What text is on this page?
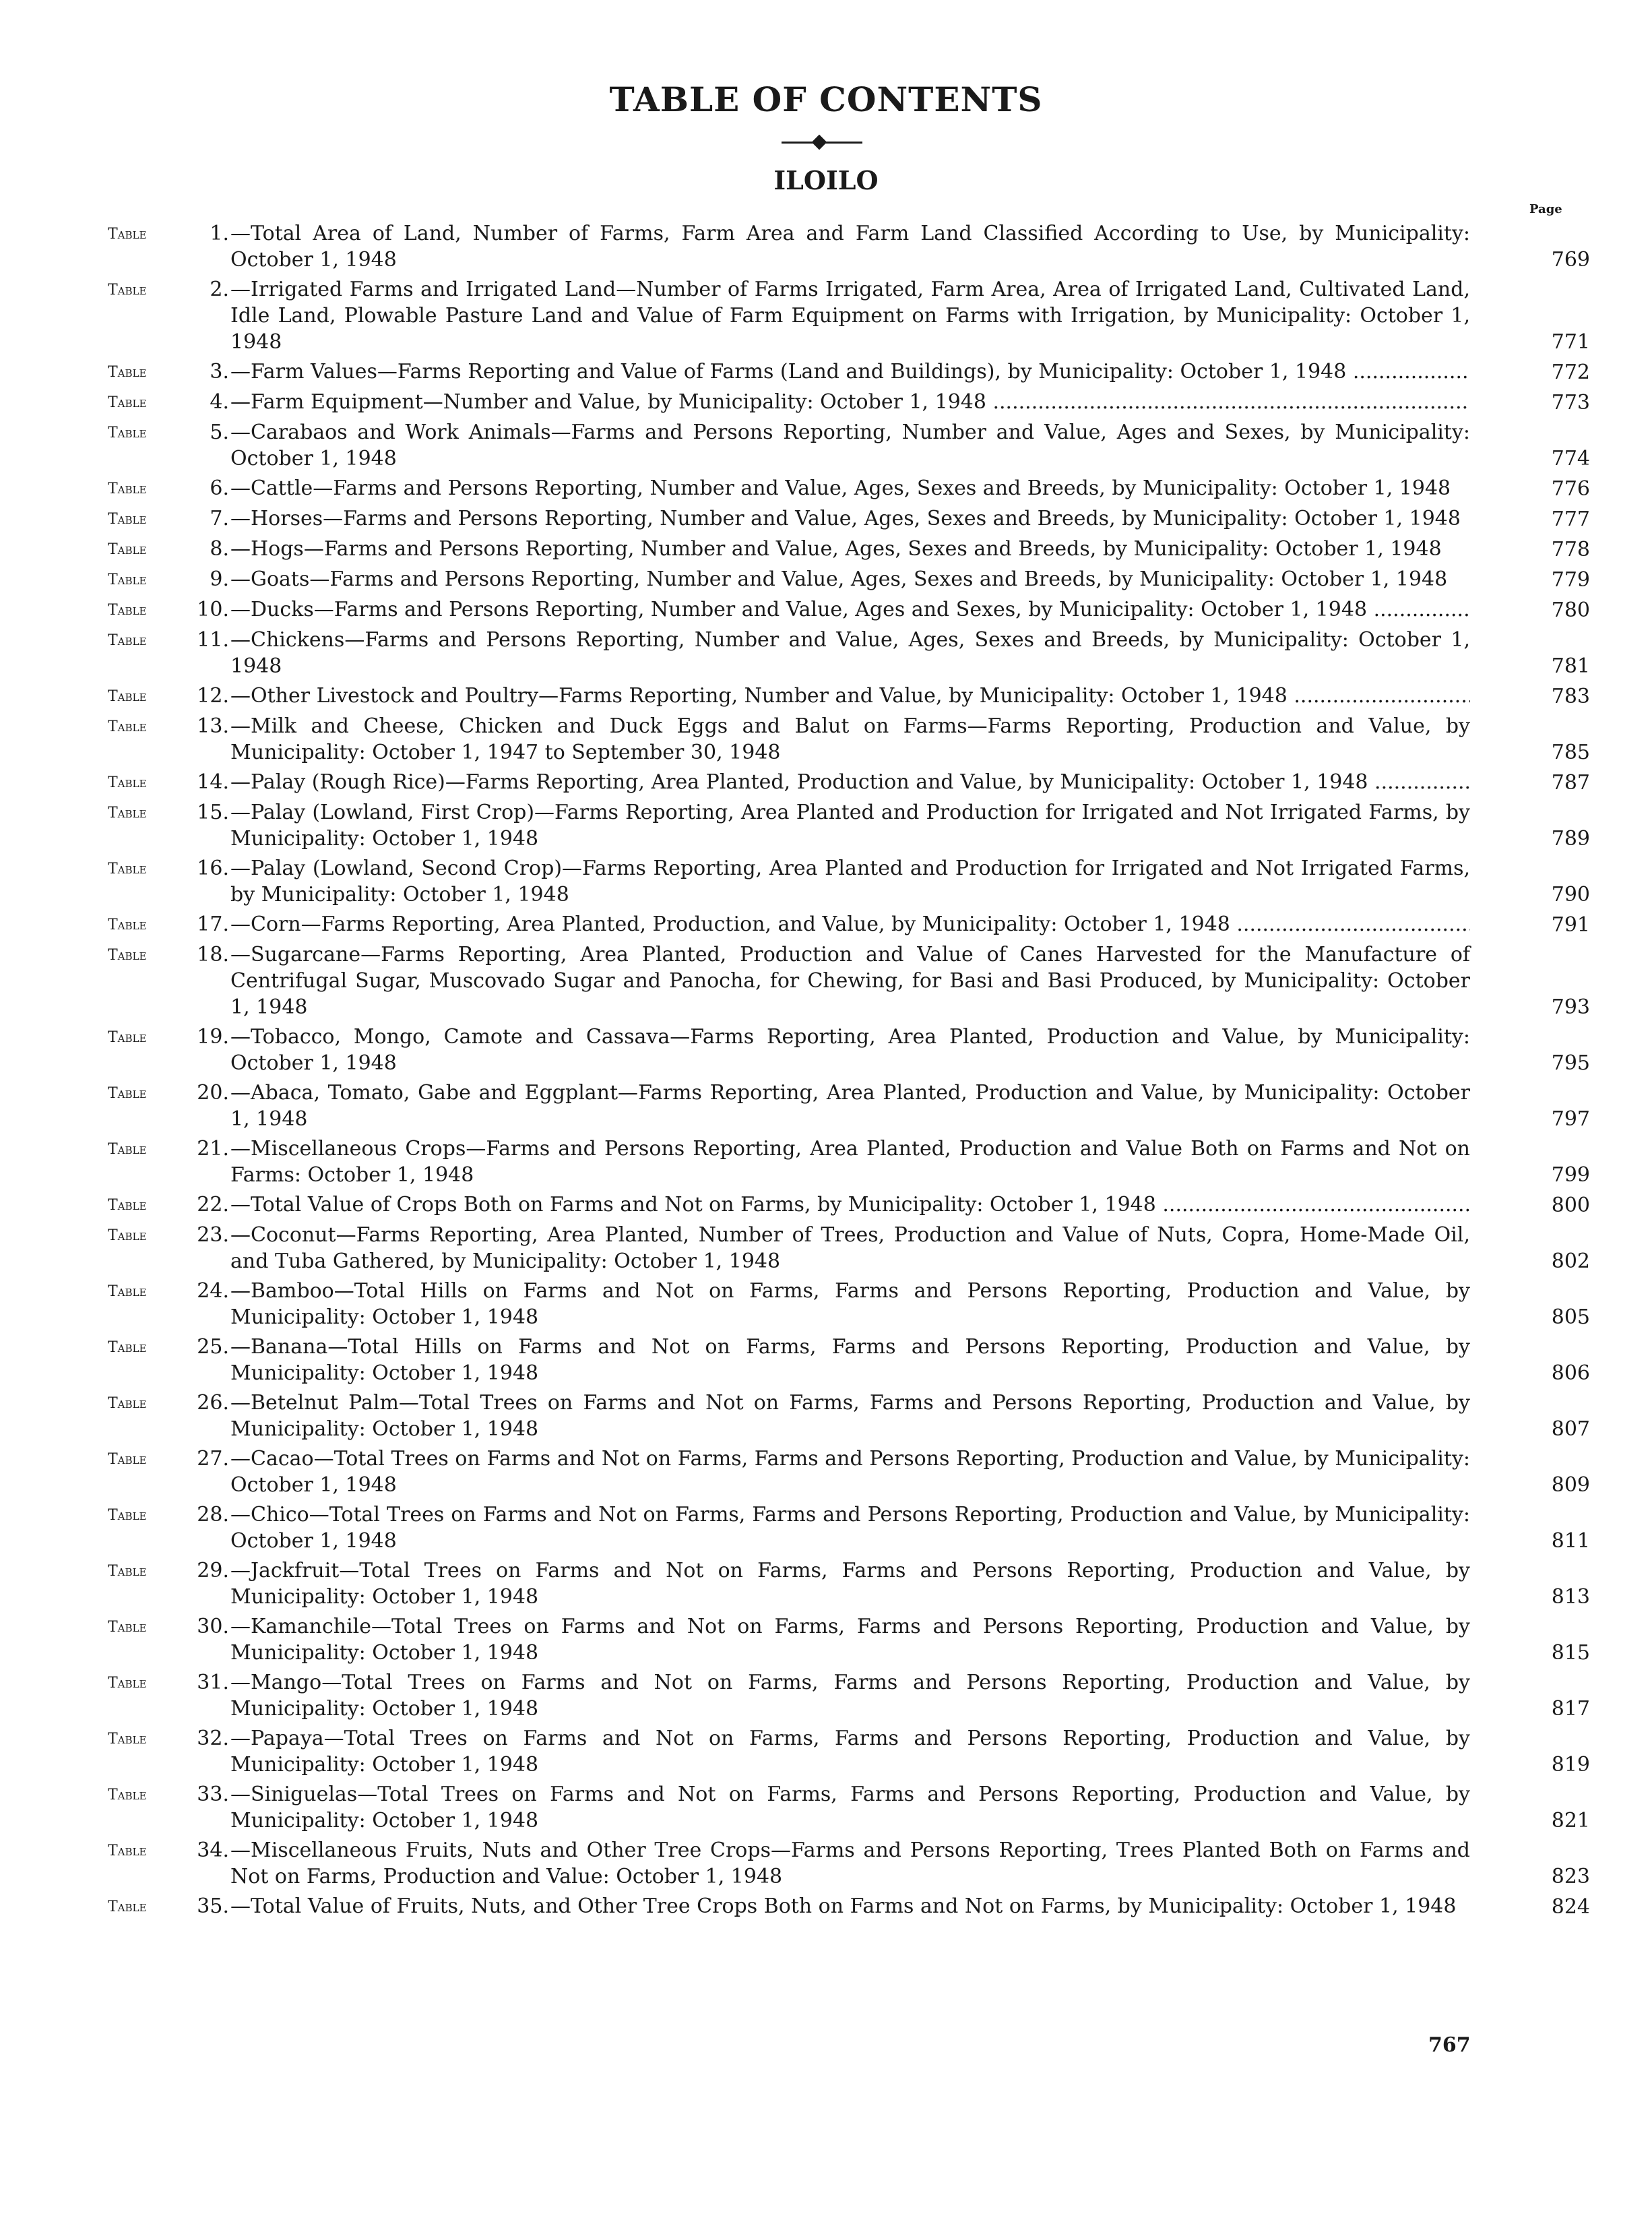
TABLE OF CONTENTS
ILOILO
Page
Table	1. —Total Area of Land, Number of Farms, Farm Area and Farm Land Classified According to Use, by Municipality: October 1, 1948	769
Table	2. —Irrigated Farms and Irrigated Land—Number of Farms Irrigated, Farm Area, Area of Irrigated Land, Cultivated Land, Idle Land, Plowable Pasture Land and Value of Farm Equipment on Farms with Irrigation, by Municipality: October 1, 1948	771
Table	3. —Farm Values—Farms Reporting and Value of Farms (Land and Buildings), by Municipality: October 1, 1948 .....	772
Table	4. —Farm Equipment—Number and Value, by Municipality: October 1, 1948 .....	773
Table	5. —Carabaos and Work Animals—Farms and Persons Reporting, Number and Value, Ages and Sexes, by Municipality: October 1, 1948	774
Table	6. —Cattle—Farms and Persons Reporting, Number and Value, Ages, Sexes and Breeds, by Municipality: October 1, 1948	776
Table	7. —Horses—Farms and Persons Reporting, Number and Value, Ages, Sexes and Breeds, by Municipality: October 1, 1948	777
Table	8. —Hogs—Farms and Persons Reporting, Number and Value, Ages, Sexes and Breeds, by Municipality: October 1, 1948	778
Table	9. —Goats—Farms and Persons Reporting, Number and Value, Ages, Sexes and Breeds, by Municipality: October 1, 1948	779
Table	10. —Ducks—Farms and Persons Reporting, Number and Value, Ages and Sexes, by Municipality: October 1, 1948 .....	780
Table	11. —Chickens—Farms and Persons Reporting, Number and Value, Ages, Sexes and Breeds, by Municipality: October 1, 1948	781
Table	12. —Other Livestock and Poultry—Farms Reporting, Number and Value, by Municipality: October 1, 1948 .....	783
Table	13. —Milk and Cheese, Chicken and Duck Eggs and Balut on Farms—Farms Reporting, Production and Value, by Municipality: October 1, 1947 to September 30, 1948	785
Table	14. —Palay (Rough Rice)—Farms Reporting, Area Planted, Production and Value, by Municipality: October 1, 1948 .....	787
Table	15. —Palay (Lowland, First Crop)—Farms Reporting, Area Planted and Production for Irrigated and Not Irrigated Farms, by Municipality: October 1, 1948	789
Table	16. —Palay (Lowland, Second Crop)—Farms Reporting, Area Planted and Production for Irrigated and Not Irrigated Farms, by Municipality: October 1, 1948	790
Table	17. —Corn—Farms Reporting, Area Planted, Production, and Value, by Municipality: October 1, 1948 .....	791
Table	18. —Sugarcane—Farms Reporting, Area Planted, Production and Value of Canes Harvested for the Manufacture of Centrifugal Sugar, Muscovado Sugar and Panocha, for Chewing, for Basi and Basi Produced, by Municipality: October 1, 1948	793
Table	19. —Tobacco, Mongo, Camote and Cassava—Farms Reporting, Area Planted, Production and Value, by Municipality: October 1, 1948	795
Table	20. —Abaca, Tomato, Gabe and Eggplant—Farms Reporting, Area Planted, Production and Value, by Municipality: October 1, 1948	797
Table	21. —Miscellaneous Crops—Farms and Persons Reporting, Area Planted, Production and Value Both on Farms and Not on Farms: October 1, 1948	799
Table	22. —Total Value of Crops Both on Farms and Not on Farms, by Municipality: October 1, 1948 .....	800
Table	23. —Coconut—Farms Reporting, Area Planted, Number of Trees, Production and Value of Nuts, Copra, Home-Made Oil, and Tuba Gathered, by Municipality: October 1, 1948	802
Table	24. —Bamboo—Total Hills on Farms and Not on Farms, Farms and Persons Reporting, Production and Value, by Municipality: October 1, 1948	805
Table	25. —Banana—Total Hills on Farms and Not on Farms, Farms and Persons Reporting, Production and Value, by Municipality: October 1, 1948	806
Table	26. —Betelnut Palm—Total Trees on Farms and Not on Farms, Farms and Persons Reporting, Production and Value, by Municipality: October 1, 1948	807
Table	27. —Cacao—Total Trees on Farms and Not on Farms, Farms and Persons Reporting, Production and Value, by Municipality: October 1, 1948	809
Table	28. —Chico—Total Trees on Farms and Not on Farms, Farms and Persons Reporting, Production and Value, by Municipality: October 1, 1948	811
Table	29. —Jackfruit—Total Trees on Farms and Not on Farms, Farms and Persons Reporting, Production and Value, by Municipality: October 1, 1948	813
Table	30. —Kamanchile—Total Trees on Farms and Not on Farms, Farms and Persons Reporting, Production and Value, by Municipality: October 1, 1948	815
Table	31. —Mango—Total Trees on Farms and Not on Farms, Farms and Persons Reporting, Production and Value, by Municipality: October 1, 1948	817
Table	32. —Papaya—Total Trees on Farms and Not on Farms, Farms and Persons Reporting, Production and Value, by Municipality: October 1, 1948	819
Table	33. —Siniguelas—Total Trees on Farms and Not on Farms, Farms and Persons Reporting, Production and Value, by Municipality: October 1, 1948	821
Table	34. —Miscellaneous Fruits, Nuts and Other Tree Crops—Farms and Persons Reporting, Trees Planted Both on Farms and Not on Farms, Production and Value: October 1, 1948	823
Table	35. —Total Value of Fruits, Nuts, and Other Tree Crops Both on Farms and Not on Farms, by Municipality: October 1, 1948	824
767
